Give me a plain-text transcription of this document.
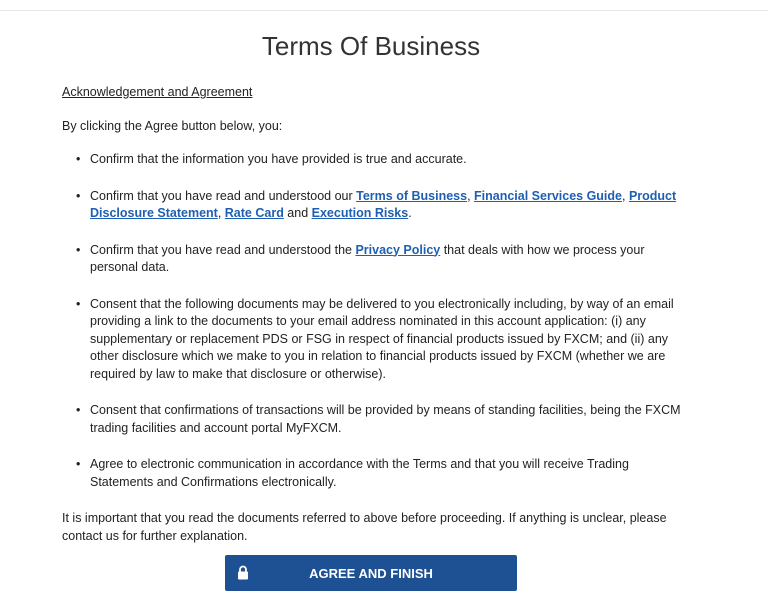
Terms Of Business

Acknowledgement and Agreement

By clicking the Agree button below, you:

• Confirm that the information you have provided is true and accurate.
• Confirm that you have read and understood our Terms of Business, Financial Services Guide, Product Disclosure Statement, Rate Card and Execution Risks.
• Confirm that you have read and understood the Privacy Policy that deals with how we process your personal data.
• Consent that the following documents may be delivered to you electronically including, by way of an email providing a link to the documents to your email address nominated in this account application: (i) any supplementary or replacement PDS or FSG in respect of financial products issued by FXCM; and (ii) any other disclosure which we make to you in relation to financial products issued by FXCM (whether we are required by law to make that disclosure or otherwise).
• Consent that confirmations of transactions will be provided by means of standing facilities, being the FXCM trading facilities and account portal MyFXCM.
• Agree to electronic communication in accordance with the Terms and that you will receive Trading Statements and Confirmations electronically.

It is important that you read the documents referred to above before proceeding. If anything is unclear, please contact us for further explanation.

AGREE AND FINISH
